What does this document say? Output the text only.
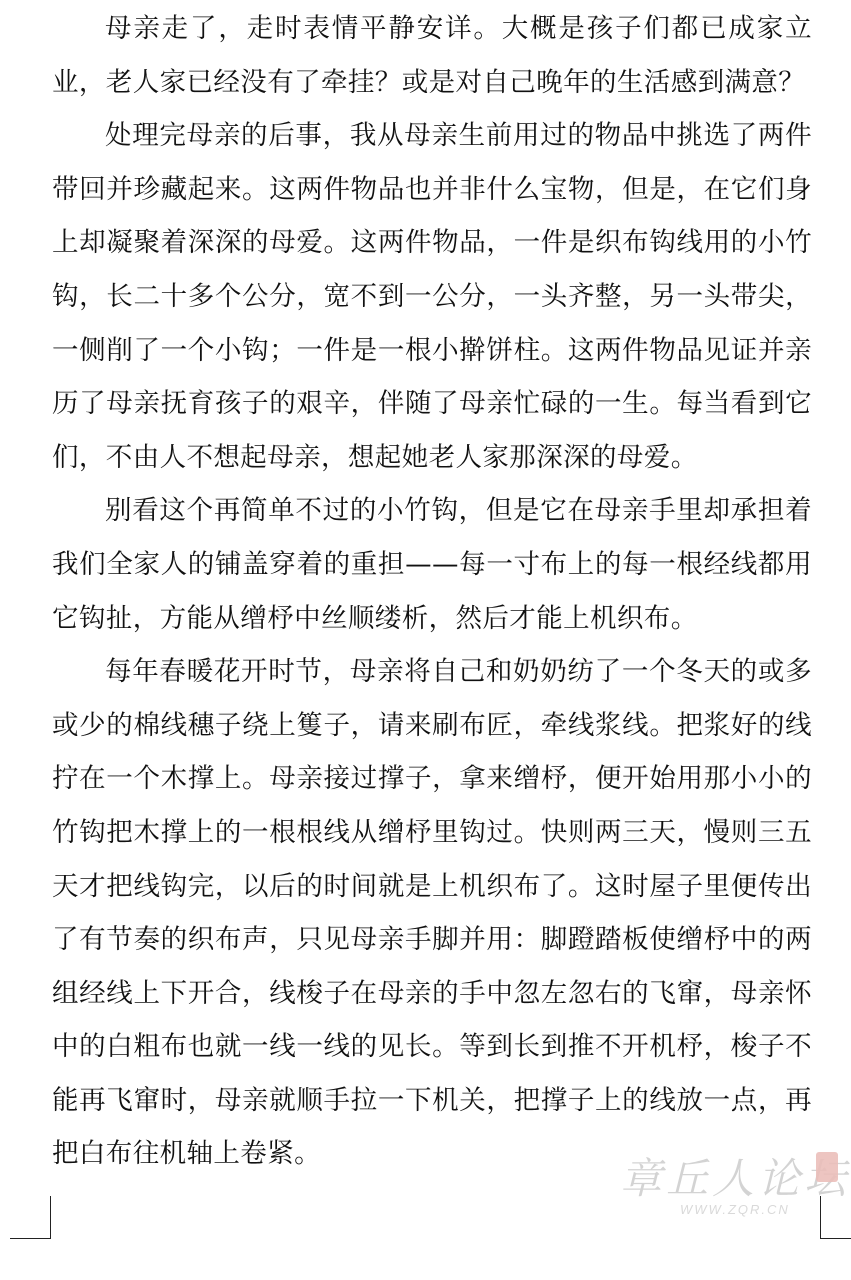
母亲走了，走时表情平静安详。大概是孩子们都已成家立业，老人家已经没有了牵挂？或是对自己晚年的生活感到满意？

处理完母亲的后事，我从母亲生前用过的物品中挑选了两件带回并珍藏起来。这两件物品也并非什么宝物，但是，在它们身上却凝聚着深深的母爱。这两件物品，一件是织布钩线用的小竹钩，长二十多个公分，宽不到一公分，一头齐整，另一头带尖，一侧削了一个小钩；一件是一根小擀饼柱。这两件物品见证并亲历了母亲抚育孩子的艰辛，伴随了母亲忙碌的一生。每当看到它们，不由人不想起母亲，想起她老人家那深深的母爱。

别看这个再简单不过的小竹钩，但是它在母亲手里却承担着我们全家人的铺盖穿着的重担——每一寸布上的每一根经线都用它钩扯，方能从缯杼中丝顺缕析，然后才能上机织布。

每年春暖花开时节，母亲将自己和奶奶纺了一个冬天的或多或少的棉线穗子绕上篗子，请来刷布匠，牵线浆线。把浆好的线拧在一个木撑上。母亲接过撑子，拿来缯杼，便开始用那小小的竹钩把木撑上的一根根线从缯杼里钩过。快则两三天，慢则三五天才把线钩完，以后的时间就是上机织布了。这时屋子里便传出了有节奏的织布声，只见母亲手脚并用：脚蹬踏板使缯杼中的两组经线上下开合，线梭子在母亲的手中忽左忽右的飞窜，母亲怀中的白粗布也就一线一线的见长。等到长到推不开机杼，梭子不能再飞窜时，母亲就顺手拉一下机关，把撑子上的线放一点，再把白布往机轴上卷紧。

章丘人论坛
WWW.ZQR.CN
